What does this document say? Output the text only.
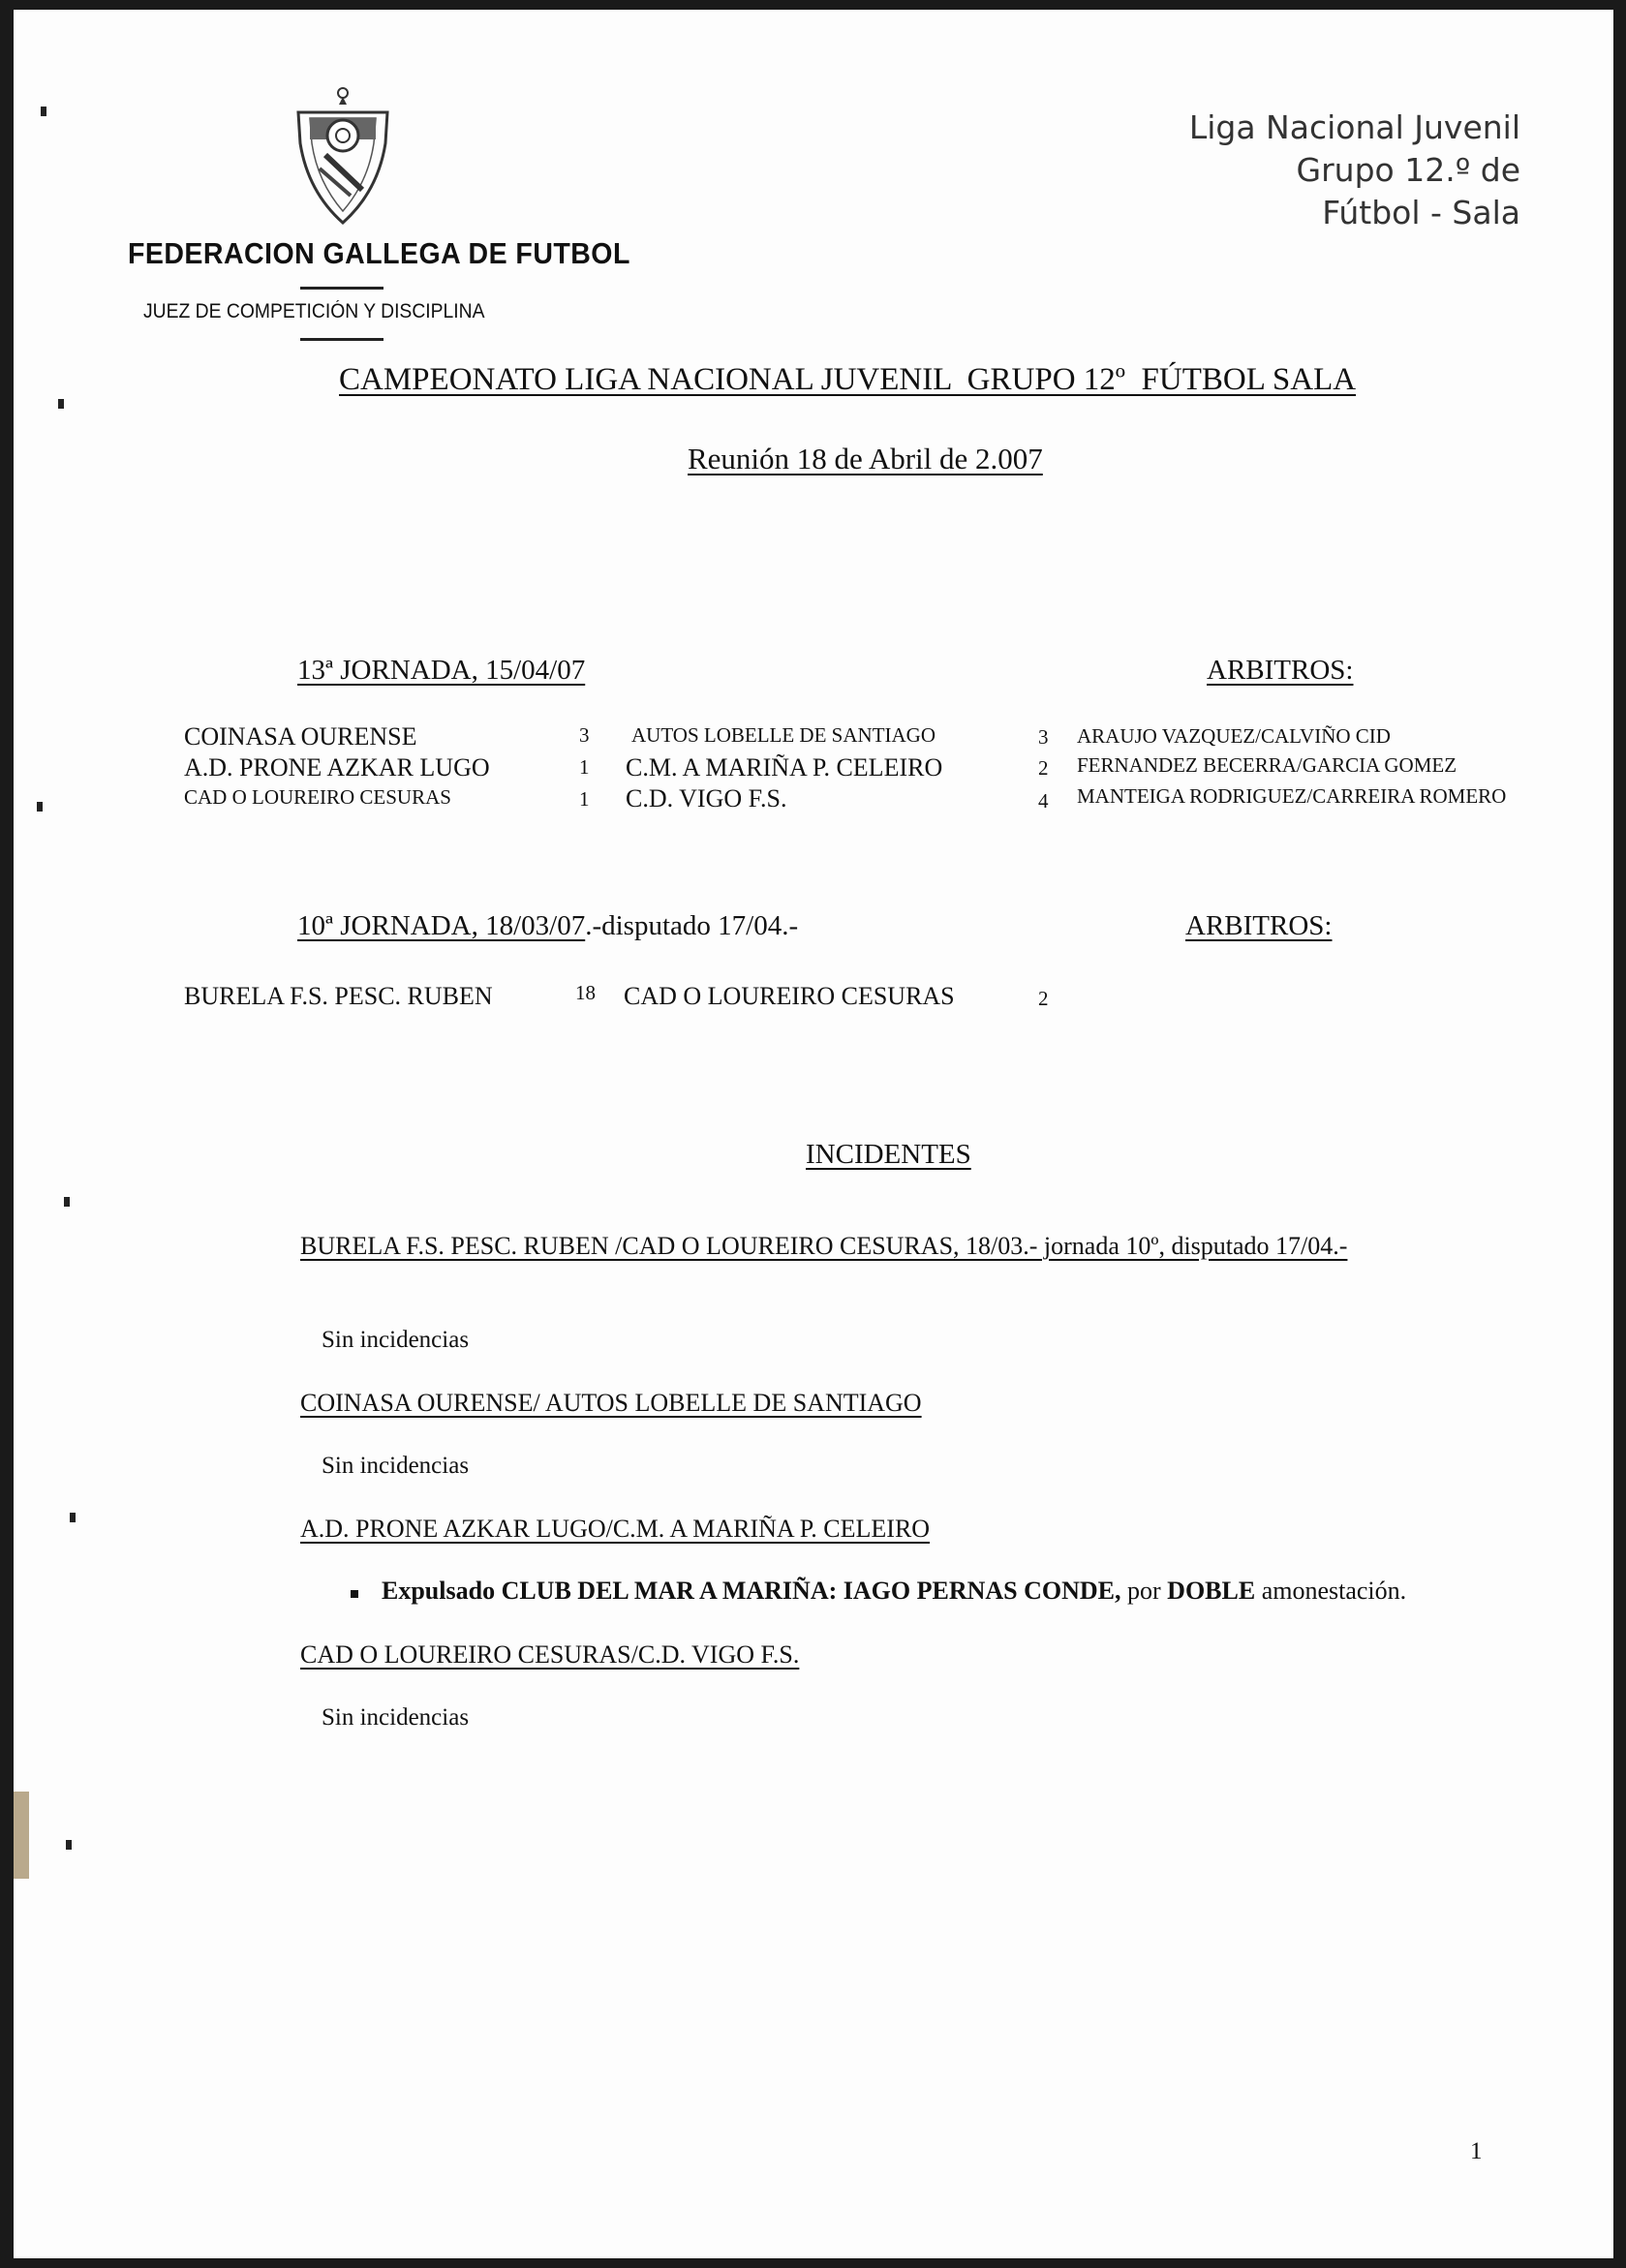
FEDERACION GALLEGA DE FUTBOL
JUEZ DE COMPETICIÓN Y DISCIPLINA
Liga Nacional Juvenil
Grupo 12.º de
Fútbol - Sala
CAMPEONATO LIGA NACIONAL JUVENIL  GRUPO 12º  FÚTBOL SALA
Reunión 18 de Abril de 2.007
13ª JORNADA, 15/04/07	ARBITROS:
COINASA OURENSE	3 AUTOS LOBELLE DE SANTIAGO	3 ARAUJO VAZQUEZ/CALVIÑO CID
A.D. PRONE AZKAR LUGO	1 C.M. A MARIÑA P. CELEIRO	2 FERNANDEZ BECERRA/GARCIA GOMEZ
CAD O LOUREIRO CESURAS	1 C.D. VIGO F.S.	4 MANTEIGA RODRIGUEZ/CARREIRA ROMERO
10ª JORNADA, 18/03/07.-disputado 17/04.-	ARBITROS:
BURELA F.S. PESC. RUBEN	18 CAD O LOUREIRO CESURAS	2
INCIDENTES
BURELA F.S. PESC. RUBEN /CAD O LOUREIRO CESURAS, 18/03.- jornada 10º, disputado 17/04.-
Sin incidencias
COINASA OURENSE/ AUTOS LOBELLE DE SANTIAGO
Sin incidencias
A.D. PRONE AZKAR LUGO/C.M. A MARIÑA P. CELEIRO
Expulsado CLUB DEL MAR A MARIÑA: IAGO PERNAS CONDE, por DOBLE amonestación.
CAD O LOUREIRO CESURAS/C.D. VIGO F.S.
Sin incidencias
1
